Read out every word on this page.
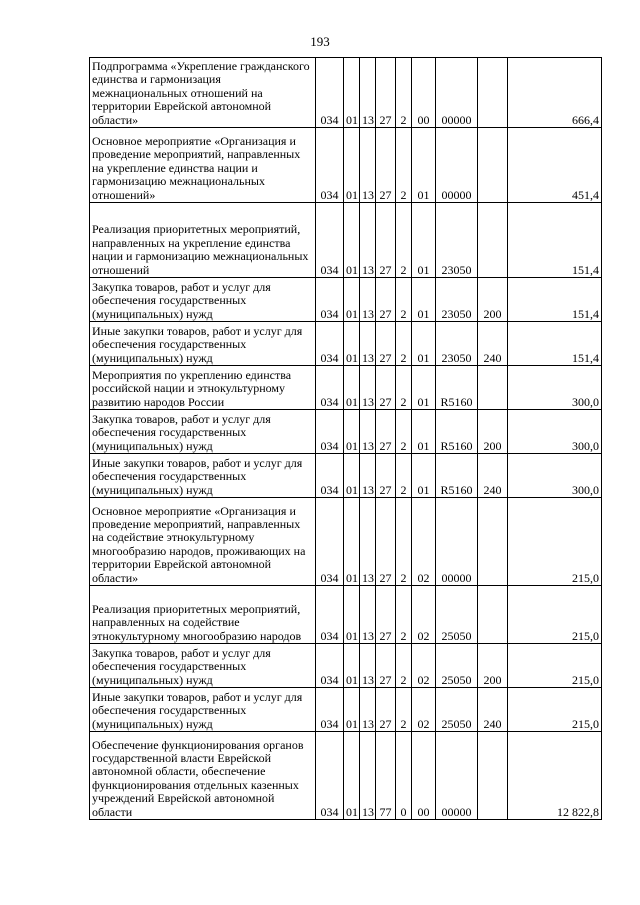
193
Подпрограмма «Укрепление гражданского единства и гармонизация межнациональных отношений на территории Еврейской автономной области»	034	01	13	27	2	00	00000		666,4
Основное мероприятие «Организация и проведение мероприятий, направленных на укрепление единства нации и гармонизацию межнациональных отношений»	034	01	13	27	2	01	00000		451,4
Реализация приоритетных мероприятий, направленных на укрепление единства нации и гармонизацию межнациональных отношений	034	01	13	27	2	01	23050		151,4
Закупка товаров, работ и услуг для обеспечения государственных (муниципальных) нужд	034	01	13	27	2	01	23050	200	151,4
Иные закупки товаров, работ и услуг для обеспечения государственных (муниципальных) нужд	034	01	13	27	2	01	23050	240	151,4
Мероприятия по укреплению единства российской нации и этнокультурному развитию народов России	034	01	13	27	2	01	R5160		300,0
Закупка товаров, работ и услуг для обеспечения государственных (муниципальных) нужд	034	01	13	27	2	01	R5160	200	300,0
Иные закупки товаров, работ и услуг для обеспечения государственных (муниципальных) нужд	034	01	13	27	2	01	R5160	240	300,0
Основное мероприятие «Организация и проведение мероприятий, направленных на содействие этнокультурному многообразию народов, проживающих на территории Еврейской автономной области»	034	01	13	27	2	02	00000		215,0
Реализация приоритетных мероприятий, направленных на содействие этнокультурному многообразию народов	034	01	13	27	2	02	25050		215,0
Закупка товаров, работ и услуг для обеспечения государственных (муниципальных) нужд	034	01	13	27	2	02	25050	200	215,0
Иные закупки товаров, работ и услуг для обеспечения государственных (муниципальных) нужд	034	01	13	27	2	02	25050	240	215,0
Обеспечение функционирования органов государственной власти Еврейской автономной области, обеспечение функционирования отдельных казенных учреждений Еврейской автономной области	034	01	13	77	0	00	00000		12 822,8
